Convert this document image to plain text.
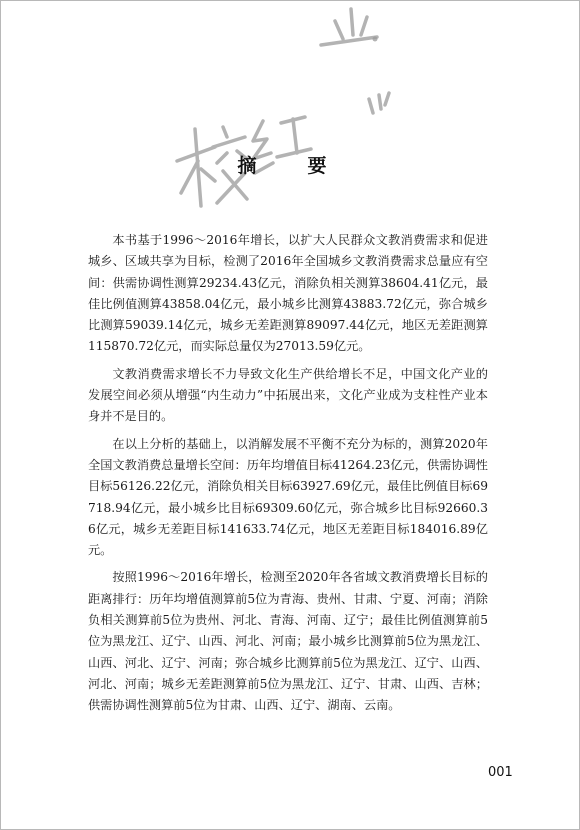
摘　要

本书基于1996～2016年增长，以扩大人民群众文教消费需求和促进城乡、区域共享为目标，检测了2016年全国城乡文教消费需求总量应有空间：供需协调性测算29234.43亿元，消除负相关测算38604.41亿元，最佳比例值测算43858.04亿元，最小城乡比测算43883.72亿元，弥合城乡比测算59039.14亿元，城乡无差距测算89097.44亿元，地区无差距测算115870.72亿元，而实际总量仅为27013.59亿元。

文教消费需求增长不力导致文化生产供给增长不足，中国文化产业的发展空间必须从增强“内生动力”中拓展出来，文化产业成为支柱性产业本身并不是目的。

在以上分析的基础上，以消解发展不平衡不充分为标的，测算2020年全国文教消费总量增长空间：历年均增值目标41264.23亿元，供需协调性目标56126.22亿元，消除负相关目标63927.69亿元，最佳比例值目标69718.94亿元，最小城乡比目标69309.60亿元，弥合城乡比目标92660.36亿元，城乡无差距目标141633.74亿元，地区无差距目标184016.89亿元。

按照1996～2016年增长，检测至2020年各省域文教消费增长目标的距离排行：历年均增值测算前5位为青海、贵州、甘肃、宁夏、河南；消除负相关测算前5位为贵州、河北、青海、河南、辽宁；最佳比例值测算前5位为黑龙江、辽宁、山西、河北、河南；最小城乡比测算前5位为黑龙江、山西、河北、辽宁、河南；弥合城乡比测算前5位为黑龙江、辽宁、山西、河北、河南；城乡无差距测算前5位为黑龙江、辽宁、甘肃、山西、吉林；供需协调性测算前5位为甘肃、山西、辽宁、湖南、云南。

001
